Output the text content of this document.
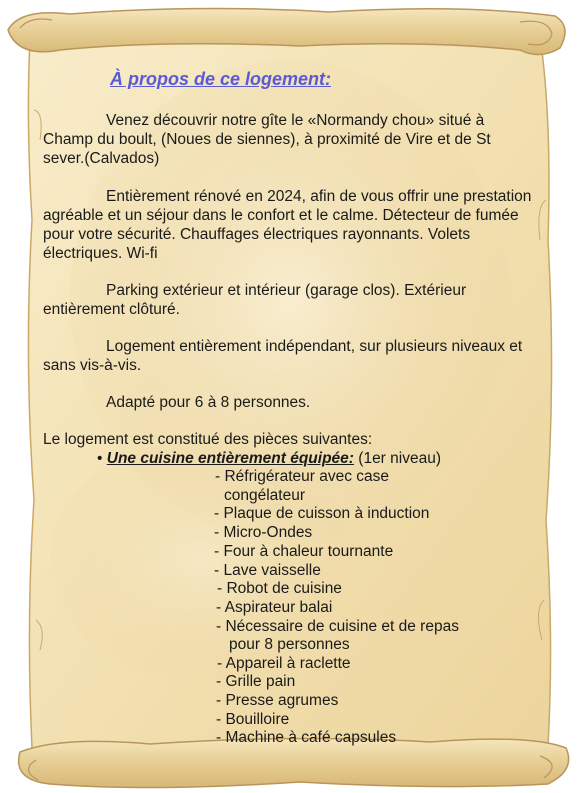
À propos de ce logement:

Venez découvrir notre gîte le «Normandy chou» situé à Champ du boult, (Noues de siennes), à proximité de Vire et de St sever.(Calvados)

Entièrement rénové en 2024, afin de vous offrir une prestation agréable et un séjour dans le confort et le calme. Détecteur de fumée pour votre sécurité. Chauffages électriques rayonnants. Volets électriques. Wi-fi

Parking extérieur et intérieur (garage clos). Extérieur entièrement clôturé.

Logement entièrement indépendant, sur plusieurs niveaux et sans vis-à-vis.

Adapté pour 6 à 8 personnes.

Le logement est constitué des pièces suivantes:
• Une cuisine entièrement équipée: (1er niveau)
- Réfrigérateur avec case
congélateur
- Plaque de cuisson à induction
- Micro-Ondes
- Four à chaleur tournante
- Lave vaisselle
- Robot de cuisine
- Aspirateur balai
- Nécessaire de cuisine et de repas
pour 8 personnes
- Appareil à raclette
- Grille pain
- Presse agrumes
- Bouilloire
- Machine à café capsules
